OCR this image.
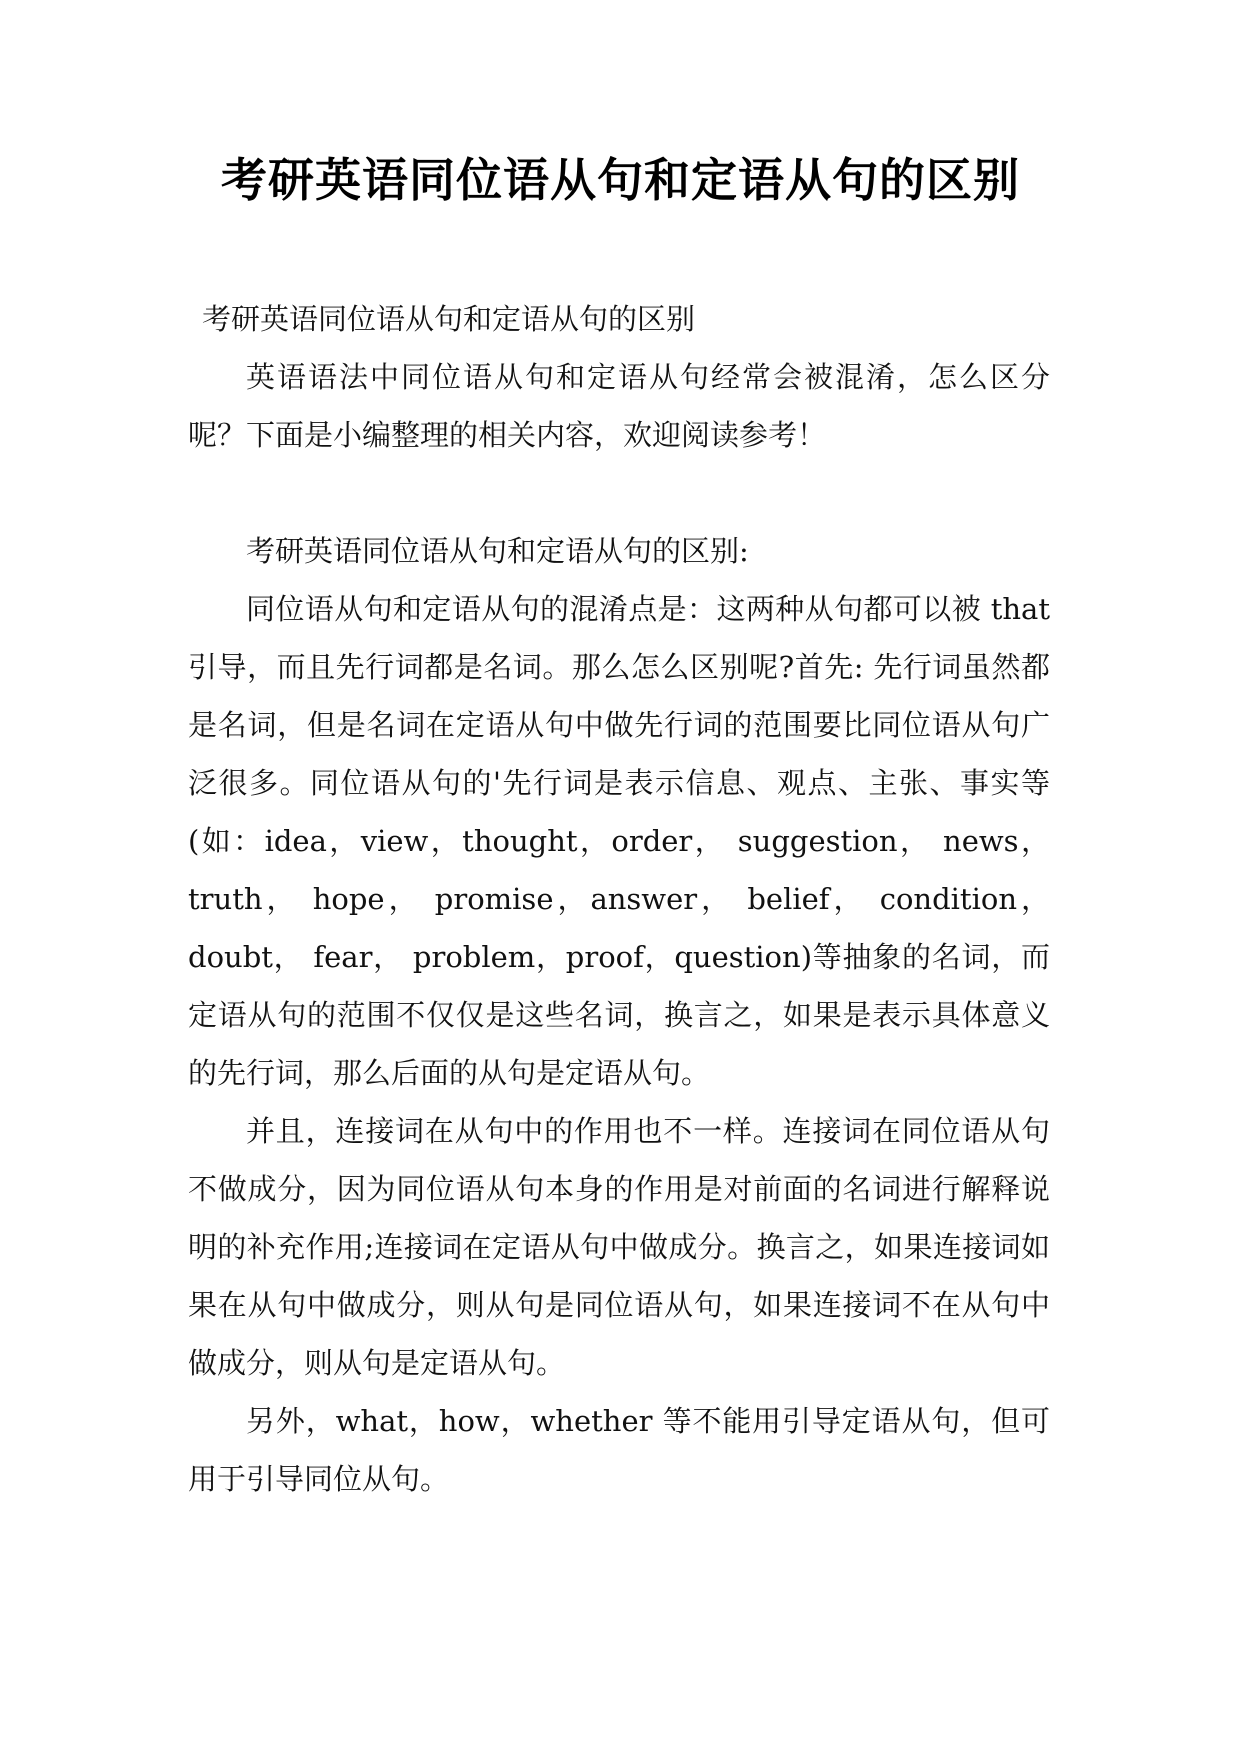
考研英语同位语从句和定语从句的区别
考研英语同位语从句和定语从句的区别

英语语法中同位语从句和定语从句经常会被混淆，怎么区分呢？下面是小编整理的相关内容，欢迎阅读参考！

考研英语同位语从句和定语从句的区别:

同位语从句和定语从句的混淆点是：这两种从句都可以被 that 引导，而且先行词都是名词。那么怎么区别呢?首先: 先行词虽然都是名词，但是名词在定语从句中做先行词的范围要比同位语从句广泛很多。同位语从句的'先行词是表示信息、观点、主张、事实等(如：idea，view，thought，order， suggestion， news， truth， hope， promise，answer， belief， condition， doubt， fear， problem，proof，question)等抽象的名词，而定语从句的范围不仅仅是这些名词，换言之，如果是表示具体意义的先行词，那么后面的从句是定语从句。

并且，连接词在从句中的作用也不一样。连接词在同位语从句不做成分，因为同位语从句本身的作用是对前面的名词进行解释说明的补充作用;连接词在定语从句中做成分。换言之，如果连接词如果在从句中做成分，则从句是同位语从句，如果连接词不在从句中做成分，则从句是定语从句。

另外，what，how，whether 等不能用引导定语从句，但可用于引导同位从句。
